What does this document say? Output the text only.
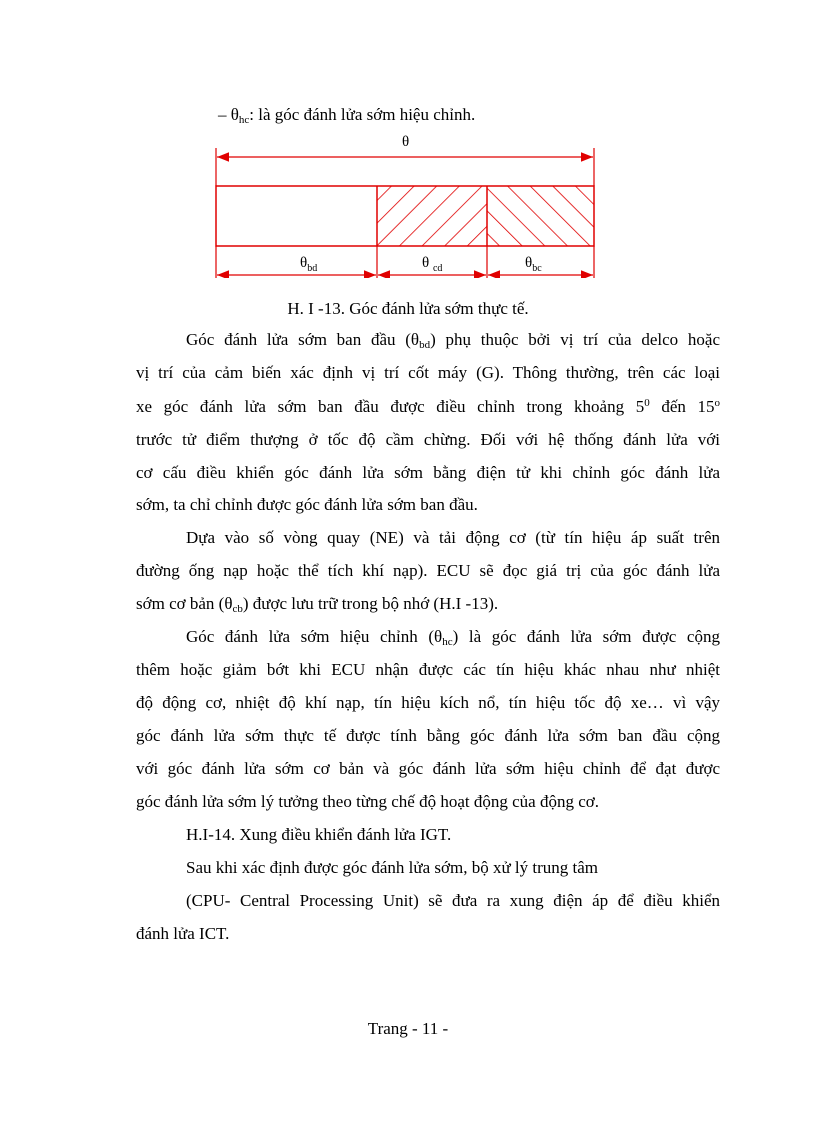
– $\theta_{hc}$: là góc đánh lửa sớm hiệu chỉnh.
θ
$\theta_{bd}$	θ $_{cd}$	$\theta_{bc}$
H. I -13. Góc đánh lửa sớm thực tế.
Góc đánh lửa sớm ban đầu $(\theta_{bd})$ phụ thuộc bởi vị trí của delco hoặc
vị trí của cảm biến xác định vị trí cốt máy (G). Thông thường, trên các loại
xe góc đánh lửa sớm ban đầu được điều chỉnh trong khoảng $5^0$ đến 15$^o$
trước tử điểm thượng ở tốc độ cầm chừng. Đối với hệ thống đánh lửa với
cơ cấu điều khiển góc đánh lửa sớm bằng điện tử khi chỉnh góc đánh lửa
sớm, ta chỉ chỉnh được góc đánh lửa sớm ban đầu.
Dựa vào số vòng quay (NE) và tải động cơ (từ tín hiệu áp suất trên
đường ống nạp hoặc thể tích khí nạp). ECU sẽ đọc giá trị của góc đánh lửa
sớm cơ bản $(\theta_{cb})$ được lưu trữ trong bộ nhớ (H.I -13).
Góc đánh lửa sớm hiệu chỉnh $(\theta_{hc})$ là góc đánh lửa sớm được cộng
thêm hoặc giảm bớt khi ECU nhận được các tín hiệu khác nhau như nhiệt
độ động cơ, nhiệt độ khí nạp, tín hiệu kích nổ, tín hiệu tốc độ xe… vì vậy
góc đánh lửa sớm thực tế được tính bằng góc đánh lửa sớm ban đầu cộng
với góc đánh lửa sớm cơ bản và góc đánh lửa sớm hiệu chỉnh để đạt được
góc đánh lửa sớm lý tưởng theo từng chế độ hoạt động của động cơ.
H.I-14. Xung điều khiển đánh lửa IGT.
Sau khi xác định được góc đánh lửa sớm, bộ xử lý trung tâm
(CPU- Central Processing Unit) sẽ đưa ra xung điện áp để điều khiển
đánh lửa ICT.
Trang - 11 -
